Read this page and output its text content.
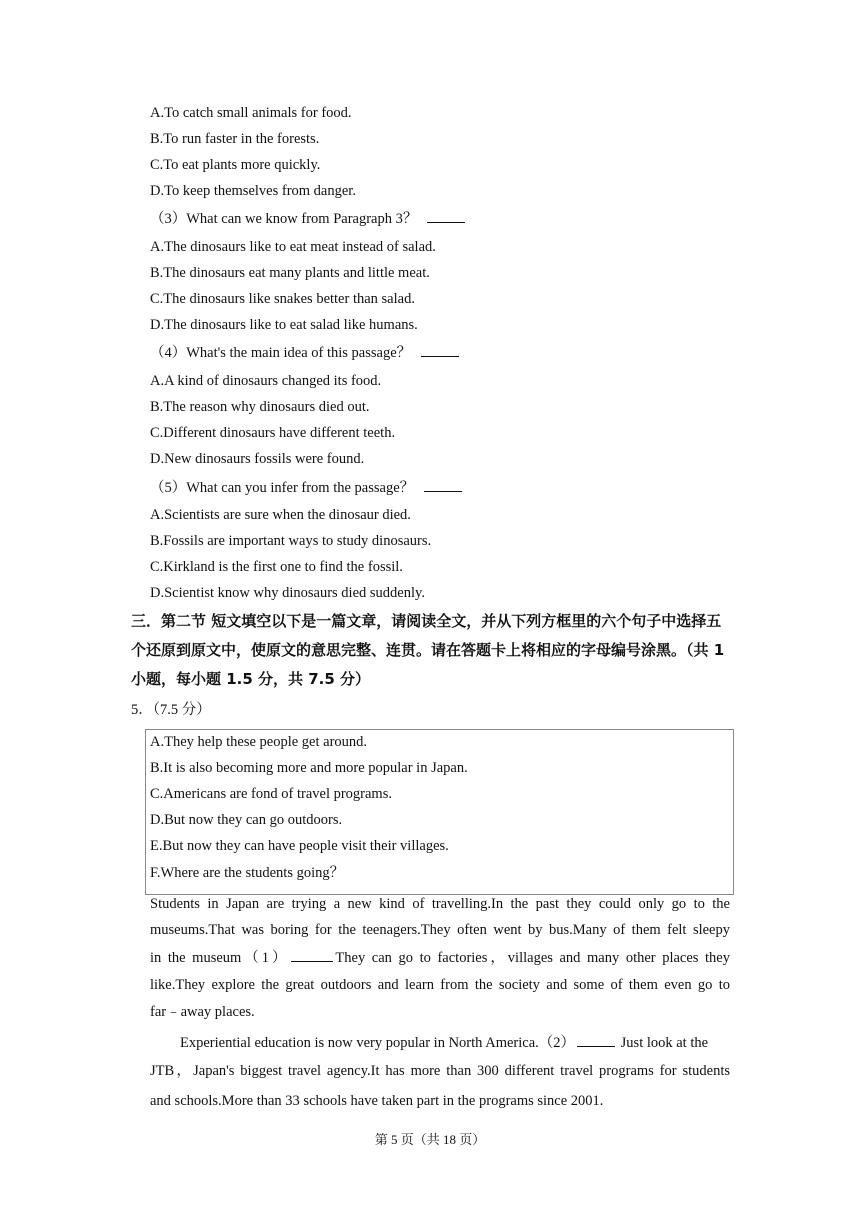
A.To catch small animals for food.
B.To run faster in the forests.
C.To eat plants more quickly.
D.To keep themselves from danger.
（3）What can we know from Paragraph 3？
A.The dinosaurs like to eat meat instead of salad.
B.The dinosaurs eat many plants and little meat.
C.The dinosaurs like snakes better than salad.
D.The dinosaurs like to eat salad like humans.
（4）What's the main idea of this passage？
A.A kind of dinosaurs changed its food.
B.The reason why dinosaurs died out.
C.Different dinosaurs have different teeth.
D.New dinosaurs fossils were found.
（5）What can you infer from the passage？
A.Scientists are sure when the dinosaur died.
B.Fossils are important ways to study dinosaurs.
C.Kirkland is the first one to find the fossil.
D.Scientist know why dinosaurs died suddenly.
三．第二节 短文填空以下是一篇文章，请阅读全文，并从下列方框里的六个句子中选择五
个还原到原文中，使原文的意思完整、连贯。请在答题卡上将相应的字母编号涂黑。（共 1
小题，每小题 1.5 分，共 7.5 分）
5．（7.5 分）
A.They help these people get around.
B.It is also becoming more and more popular in Japan.
C.Americans are fond of travel programs.
D.But now they can go outdoors.
E.But now they can have people visit their villages.
F.Where are the students going？
Students in Japan are trying a new kind of travelling.In the past they could only go to the
museums.That was boring for the teenagers.They often went by bus.Many of them felt sleepy
in the museum（1）	They can go to factories，villages and many other places they
like.They explore the great outdoors and learn from the society and some of them even go to
far﹣away places.
Experiential education is now very popular in North America.（2）	Just look at the
JTB，Japan's biggest travel agency.It has more than 300 different travel programs for students
and schools.More than 33 schools have taken part in the programs since 2001.
第 5 页（共 18 页）
